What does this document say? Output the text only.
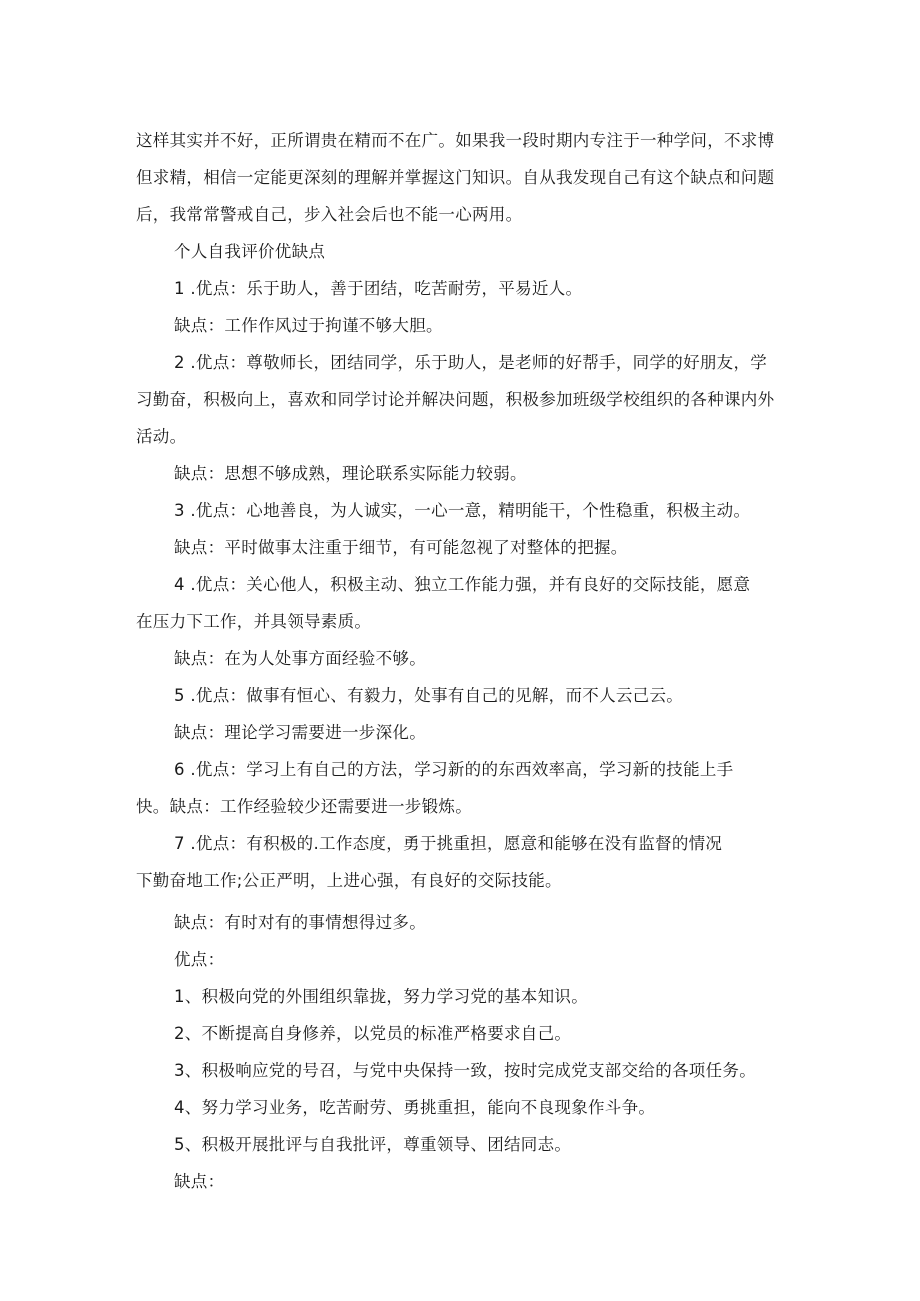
这样其实并不好，正所谓贵在精而不在广。如果我一段时期内专注于一种学问，不求博
但求精，相信一定能更深刻的理解并掌握这门知识。自从我发现自己有这个缺点和问题
后，我常常警戒自己，步入社会后也不能一心两用。

个人自我评价优缺点

1 .优点：乐于助人，善于团结，吃苦耐劳，平易近人。

缺点：工作作风过于拘谨不够大胆。

2 .优点：尊敬师长，团结同学，乐于助人，是老师的好帮手，同学的好朋友，学
习勤奋，积极向上，喜欢和同学讨论并解决问题，积极参加班级学校组织的各种课内外
活动。

缺点：思想不够成熟，理论联系实际能力较弱。

3 .优点：心地善良，为人诚实，一心一意，精明能干，个性稳重，积极主动。

缺点：平时做事太注重于细节，有可能忽视了对整体的把握。

4 .优点：关心他人，积极主动、独立工作能力强，并有良好的交际技能，愿意
在压力下工作，并具领导素质。

缺点：在为人处事方面经验不够。

5 .优点：做事有恒心、有毅力，处事有自己的见解，而不人云己云。

缺点：理论学习需要进一步深化。

6 .优点：学习上有自己的方法，学习新的的东西效率高，学习新的技能上手
快。缺点：工作经验较少还需要进一步锻炼。

7 .优点：有积极的.工作态度，勇于挑重担，愿意和能够在没有监督的情况
下勤奋地工作;公正严明，上进心强，有良好的交际技能。

缺点：有时对有的事情想得过多。

优点：

1、积极向党的外围组织靠拢，努力学习党的基本知识。

2、不断提高自身修养，以党员的标准严格要求自己。

3、积极响应党的号召，与党中央保持一致，按时完成党支部交给的各项任务。

4、努力学习业务，吃苦耐劳、勇挑重担，能向不良现象作斗争。

5、积极开展批评与自我批评，尊重领导、团结同志。

缺点：
